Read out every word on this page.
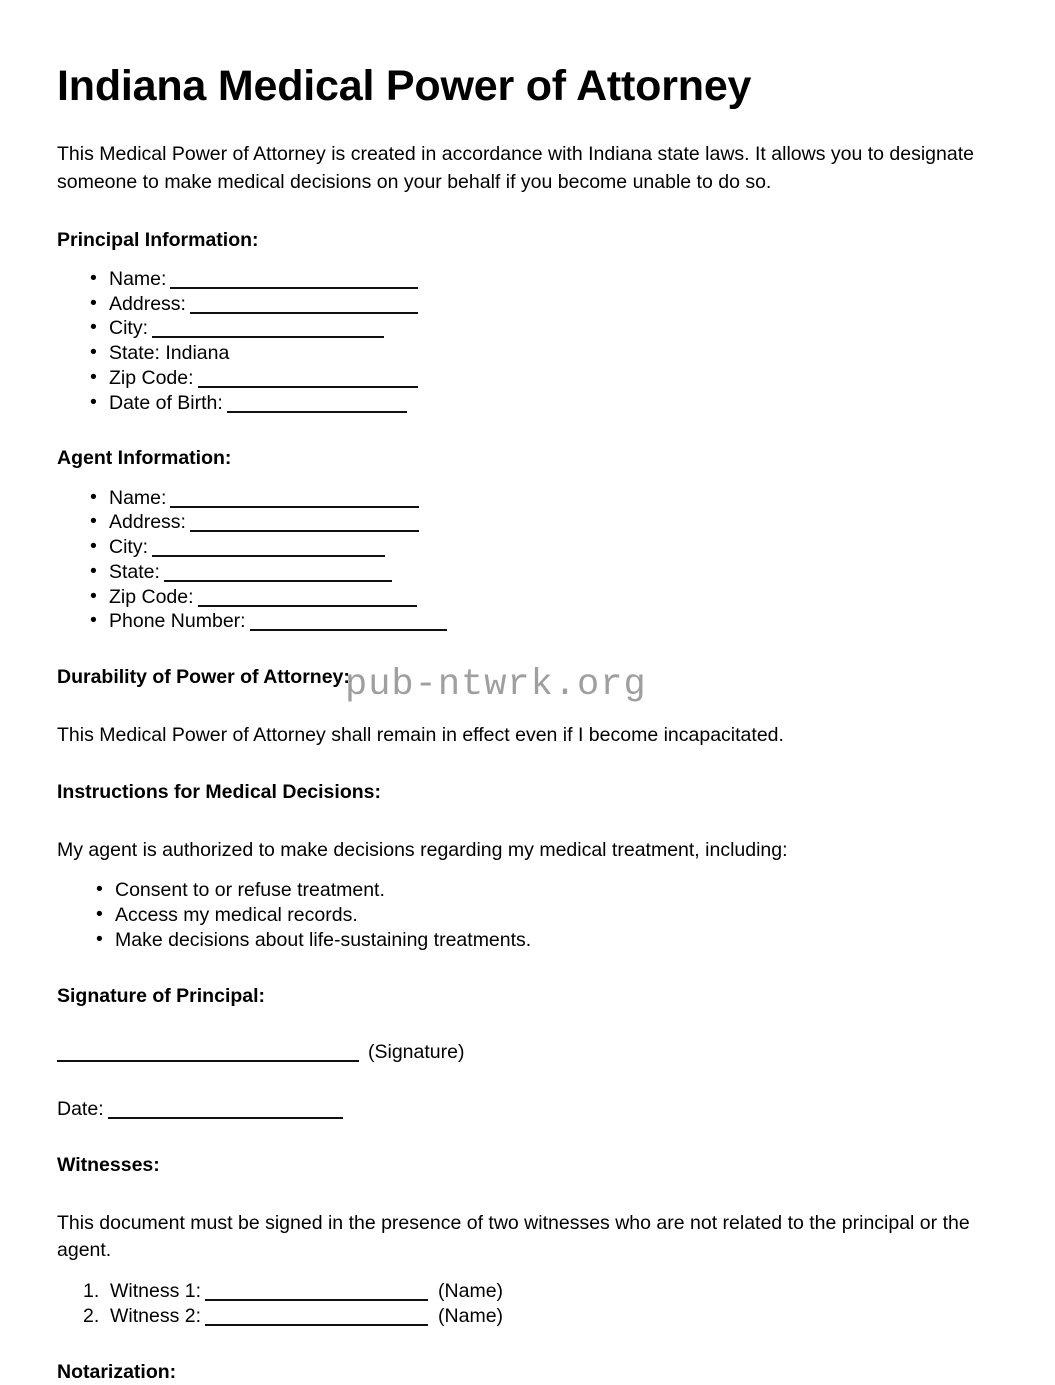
Indiana Medical Power of Attorney

This Medical Power of Attorney is created in accordance with Indiana state laws. It allows you to designate someone to make medical decisions on your behalf if you become unable to do so.

Principal Information:
• Name:
• Address:
• City:
• State: Indiana
• Zip Code:
• Date of Birth:
Agent Information:
• Name:
• Address:
• City:
• State:
• Zip Code:
• Phone Number:
Durability of Power of Attorney:

This Medical Power of Attorney shall remain in effect even if I become incapacitated.

Instructions for Medical Decisions:

My agent is authorized to make decisions regarding my medical treatment, including:

• Consent to or refuse treatment.
• Access my medical records.
• Make decisions about life-sustaining treatments.
Signature of Principal:
(Signature)
Date:
Witnesses:

This document must be signed in the presence of two witnesses who are not related to the principal or the agent.

Witness 1:	(Name)
Witness 2:	(Name)
Notarization:
pub-ntwrk.org
